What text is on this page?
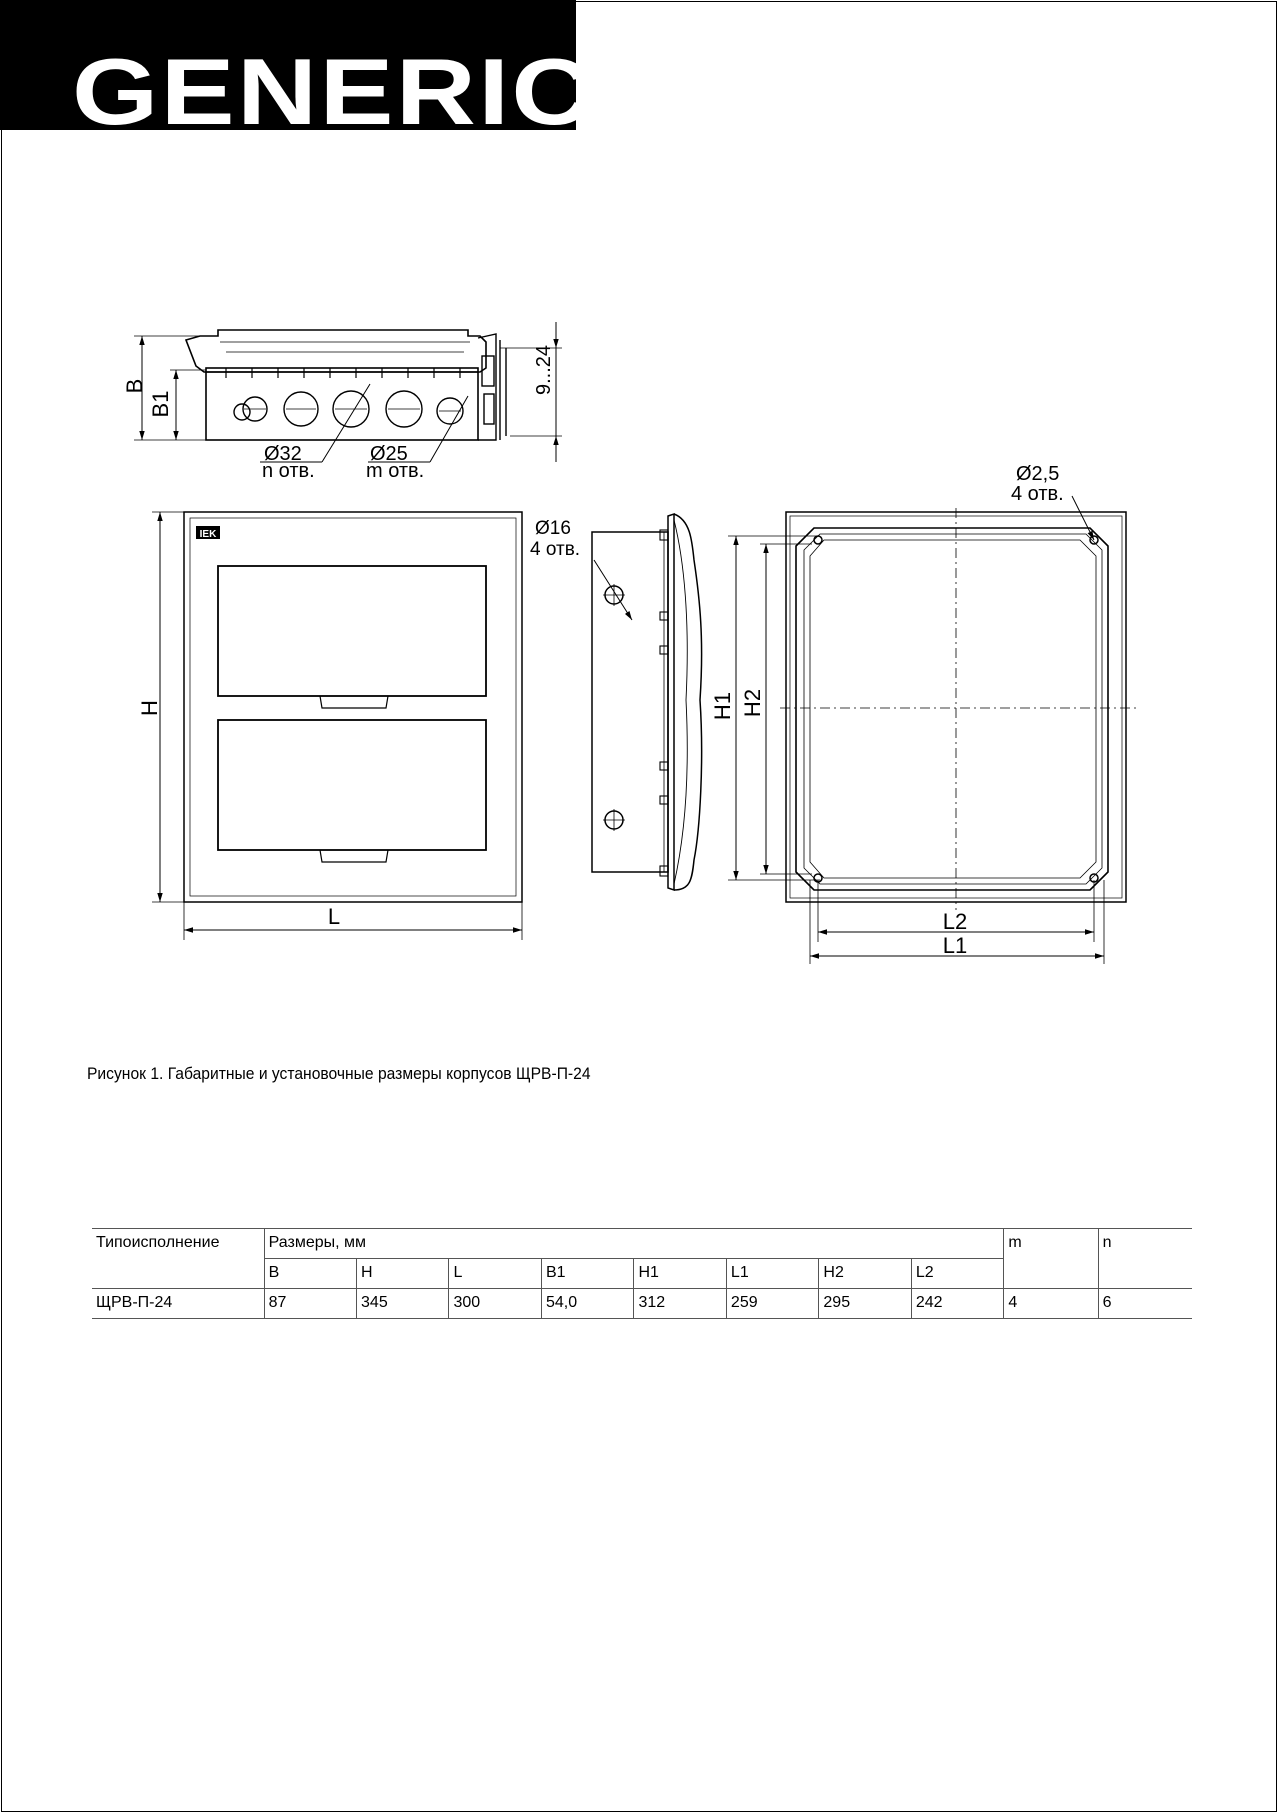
GENERICA
B
B1
9...24
Ø32
n отв.
Ø25
m отв.
IEK
H
L
Ø16
4 отв.
Ø2,5
4 отв.
H1 H2
L2
L1
Рисунок 1. Габаритные и установочные размеры корпусов ЩРВ-П-24
Типоисполнение	Размеры, мм								m	n
	B	H	L	B1	H1	L1	H2	L2		
ЩРВ-П-24	87	345	300	54,0	312	259	295	242	4	6
